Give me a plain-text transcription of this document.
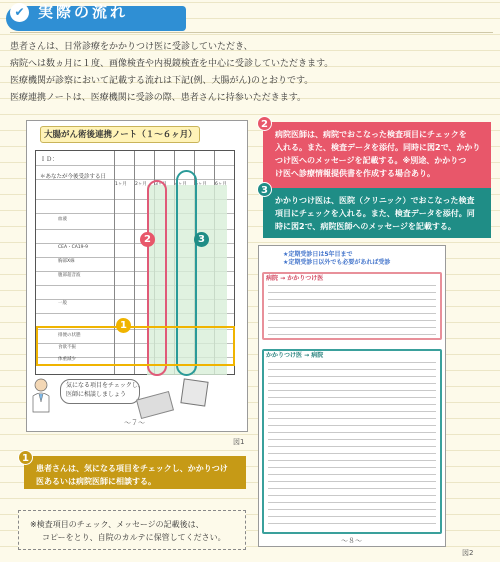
✔ 実際の流れ
患者さんは、日常診療をかかりつけ医に受診していただき、
病院へは数ヵ月に１度、画像検査や内視鏡検査を中心に受診していただきます。
医療機関が診察において記載する流れは下記(例、大腸がん)のとおりです。
医療連携ノートは、医療機関に受診の際、患者さんに持参いただきます。
大腸がん術後連携ノート（１～６ヶ月）
ＩＤ：
＊あなたが今後受診する日
1ヶ月 2ヶ月
血液
CEA・CA19-9
胸部X線
腹部超音波
一般
排便の状態
食欲不振
体重減少
2	3
1
気になる項目をチェックし、
医師に相談しましょう
～７～
図1
病院医師は、病院でおこなった検査項目にチェックを
入れる。また、検査データを添付。同時に図2で、かかり
つけ医へのメッセージを記載する。※別途、かかりつ
け医へ診療情報提供書を作成する場合あり。
2
かかりつけ医は、医院（クリニック）でおこなった検査
項目にチェックを入れる。また、検査データを添付。同
時に図2で、病院医師へのメッセージを記載する。
3
患者さんは、気になる項目をチェックし、かかりつけ
医あるいは病院医師に相談する。
1
※検査項目のチェック、メッセージの記載後は、
コピーをとり、自院のカルテに保管してください。
★定期受診日は5年目まで
★定期受診日以外でも必要があれば受診
病院 → かかりつけ医
かかりつけ医 → 病院
～８～
図2
